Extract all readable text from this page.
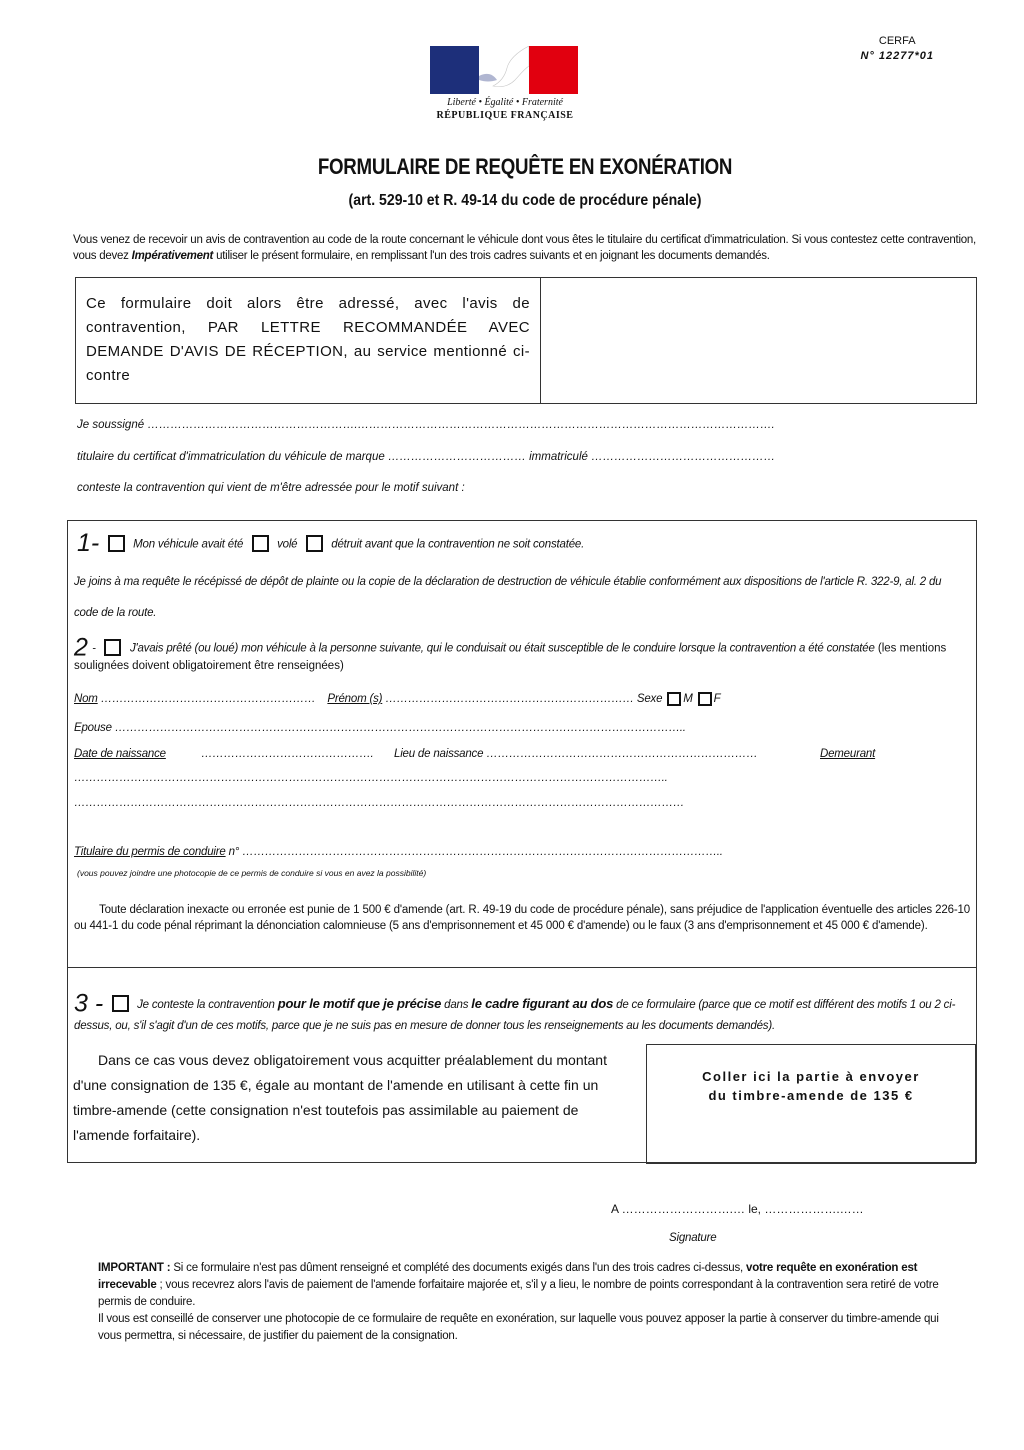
CERFA
N° 12277*01
Liberté • Égalité • Fraternité
RÉPUBLIQUE FRANÇAISE
FORMULAIRE DE REQUÊTE EN EXONÉRATION
(art. 529-10 et R. 49-14 du code de procédure pénale)
Vous venez de recevoir un avis de contravention au code de la route concernant le véhicule dont vous êtes le titulaire du certificat d'immatriculation. Si vous contestez cette contravention, vous devez Impérativement utiliser le présent formulaire, en remplissant l'un des trois cadres suivants et en joignant les documents demandés.
Ce formulaire doit alors être adressé, avec l'avis de contravention, PAR LETTRE RECOMMANDÉE AVEC DEMANDE D'AVIS DE RÉCEPTION, au service mentionné ci-contre
Je soussigné ……………………………………………….……………………………………………………………………………………………….
titulaire du certificat d'immatriculation du véhicule de marque ……………………………… immatriculé …………………………………………
conteste la contravention qui vient de m'être adressée pour le motif suivant :
1-	Mon véhicule avait été	volé	détruit avant que la contravention ne soit constatée.
Je joins à ma requête le récépissé de dépôt de plainte ou la copie de la déclaration de destruction de véhicule établie conformément aux dispositions de l'article R. 322-9, al. 2 du code de la route.
2 -	J'avais prêté (ou loué) mon véhicule à la personne suivante, qui le conduisait ou était susceptible de le conduire lorsque la contravention a été constatée (les mentions soulignées doivent obligatoirement être renseignées)
Nom ………………………………………………… Prénom (s) ………………………………………………………… Sexe M F
Epouse ……………………………………………………………………………………………………………………………………..
Date de naissance	………………………………………. Lieu de naissance ………………………………………………………………	Demeurant
…………………………………………………………………………………………………………………………………………..
………………………………………………………………………………………………………………………………………………
Titulaire du permis de conduire n° ………………………………………………………………………………………………………………..
(vous pouvez joindre une photocopie de ce permis de conduire si vous en avez la possibilité)
Toute déclaration inexacte ou erronée est punie de 1 500 € d'amende (art. R. 49-19 du code de procédure pénale), sans préjudice de l'application éventuelle des articles 226-10 ou 441-1 du code pénal réprimant la dénonciation calomnieuse (5 ans d'emprisonnement et 45 000 € d'amende) ou le faux (3 ans d'emprisonnement et 45 000 € d'amende).
3 -	Je conteste la contravention pour le motif que je précise dans le cadre figurant au dos de ce formulaire (parce que ce motif est différent des motifs 1 ou 2 ci-dessus, ou, s'il s'agit d'un de ces motifs, parce que je ne suis pas en mesure de donner tous les renseignements au les documents demandés).
Dans ce cas vous devez obligatoirement vous acquitter préalablement du montant d'une consignation de 135 €, égale au montant de l'amende en utilisant à cette fin un timbre-amende (cette consignation n'est toutefois pas assimilable au paiement de l'amende forfaitaire).
Coller ici la partie à envoyer
du timbre-amende de 135 €
A ……………………….… le, ……………….……
Signature
IMPORTANT : Si ce formulaire n'est pas dûment renseigné et complété des documents exigés dans l'un des trois cadres ci-dessus, votre requête en exonération est irrecevable ; vous recevrez alors l'avis de paiement de l'amende forfaitaire majorée et, s'il y a lieu, le nombre de points correspondant à la contravention sera retiré de votre permis de conduire.
Il vous est conseillé de conserver une photocopie de ce formulaire de requête en exonération, sur laquelle vous pouvez apposer la partie à conserver du timbre-amende qui vous permettra, si nécessaire, de justifier du paiement de la consignation.
